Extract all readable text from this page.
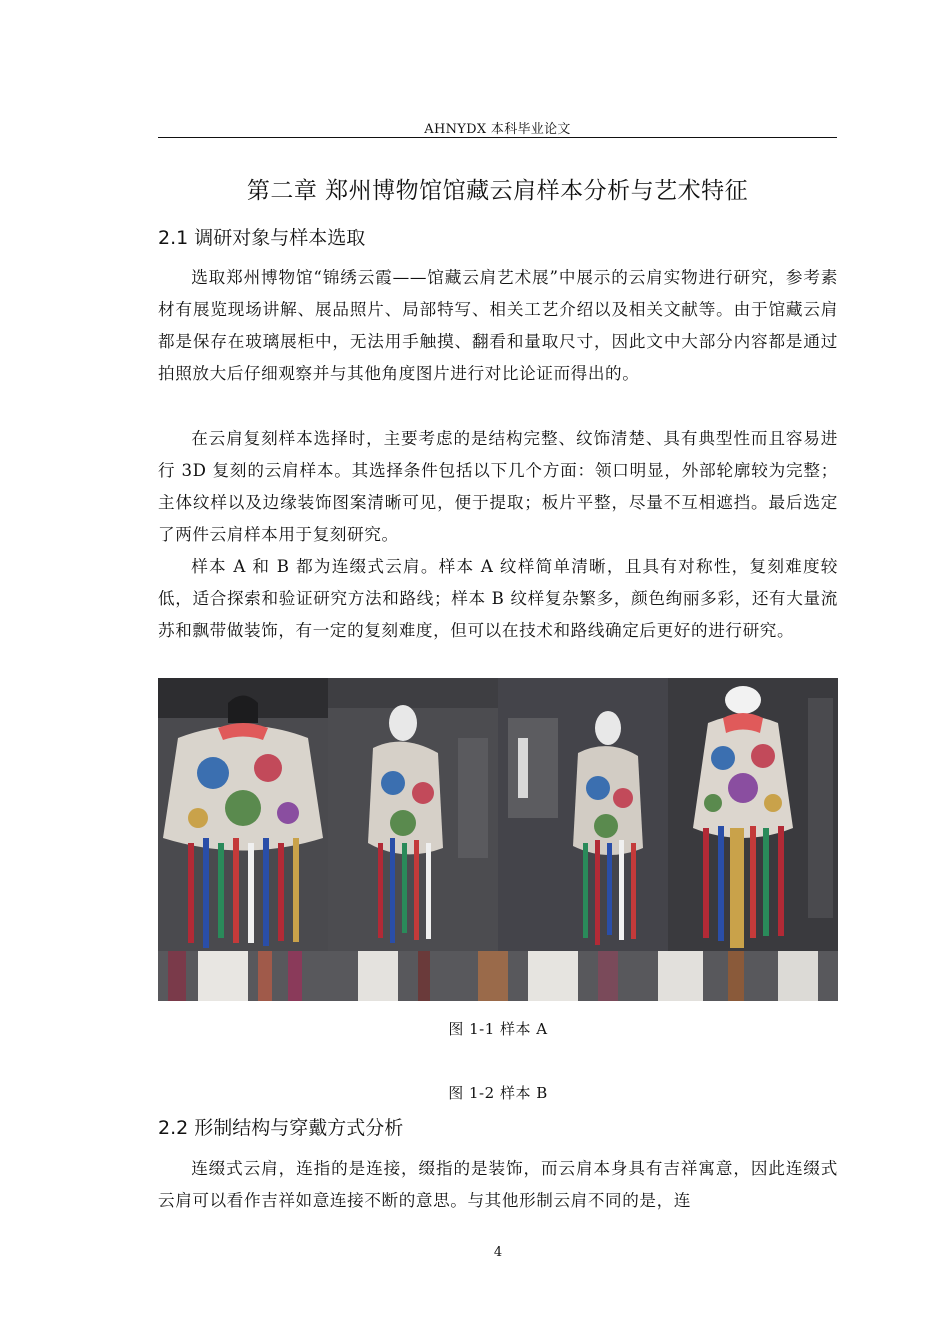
AHNYDX 本科毕业论文
第二章 郑州博物馆馆藏云肩样本分析与艺术特征
2.1 调研对象与样本选取

选取郑州博物馆“锦绣云霞——馆藏云肩艺术展”中展示的云肩实物进行研究，参考素材有展览现场讲解、展品照片、局部特写、相关工艺介绍以及相关文献等。由于馆藏云肩都是保存在玻璃展柜中，无法用手触摸、翻看和量取尺寸，因此文中大部分内容都是通过拍照放大后仔细观察并与其他角度图片进行对比论证而得出的。

在云肩复刻样本选择时，主要考虑的是结构完整、纹饰清楚、具有典型性而且容易进行 3D 复刻的云肩样本。其选择条件包括以下几个方面：领口明显，外部轮廓较为完整；主体纹样以及边缘装饰图案清晰可见，便于提取；板片平整，尽量不互相遮挡。最后选定了两件云肩样本用于复刻研究。

样本 A 和 B 都为连缀式云肩。样本 A 纹样简单清晰，且具有对称性，复刻难度较低，适合探索和验证研究方法和路线；样本 B 纹样复杂繁多，颜色绚丽多彩，还有大量流苏和飘带做装饰，有一定的复刻难度，但可以在技术和路线确定后更好的进行研究。

图 1-1 样本 A
图 1-2 样本 B
2.2 形制结构与穿戴方式分析

连缀式云肩，连指的是连接，缀指的是装饰，而云肩本身具有吉祥寓意，因此连缀式云肩可以看作吉祥如意连接不断的意思。与其他形制云肩不同的是，连

4
